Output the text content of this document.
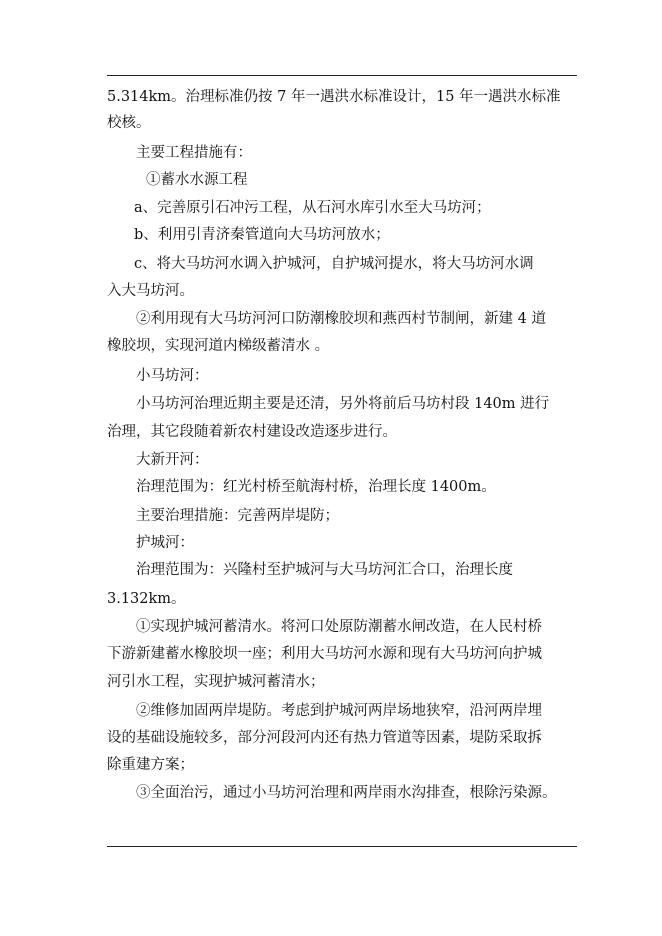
5.314km。治理标准仍按 7 年一遇洪水标准设计，15 年一遇洪水标准
校核。
主要工程措施有：
①蓄水水源工程
a、完善原引石冲污工程，从石河水库引水至大马坊河；
b、利用引青济秦管道向大马坊河放水；
c、将大马坊河水调入护城河，自护城河提水，将大马坊河水调
入大马坊河。
②利用现有大马坊河河口防潮橡胶坝和燕西村节制闸，新建 4 道
橡胶坝，实现河道内梯级蓄清水 。
小马坊河：
小马坊河治理近期主要是还清，另外将前后马坊村段 140m 进行
治理，其它段随着新农村建设改造逐步进行。
大新开河：
治理范围为：红光村桥至航海村桥，治理长度 1400m。
主要治理措施：完善两岸堤防；
护城河：
治理范围为：兴隆村至护城河与大马坊河汇合口，治理长度
3.132km。
①实现护城河蓄清水。将河口处原防潮蓄水闸改造，在人民村桥
下游新建蓄水橡胶坝一座；利用大马坊河水源和现有大马坊河向护城
河引水工程，实现护城河蓄清水；
②维修加固两岸堤防。考虑到护城河两岸场地狭窄，沿河两岸埋
设的基础设施较多，部分河段河内还有热力管道等因素，堤防采取拆
除重建方案；
③全面治污，通过小马坊河治理和两岸雨水沟排查，根除污染源。
